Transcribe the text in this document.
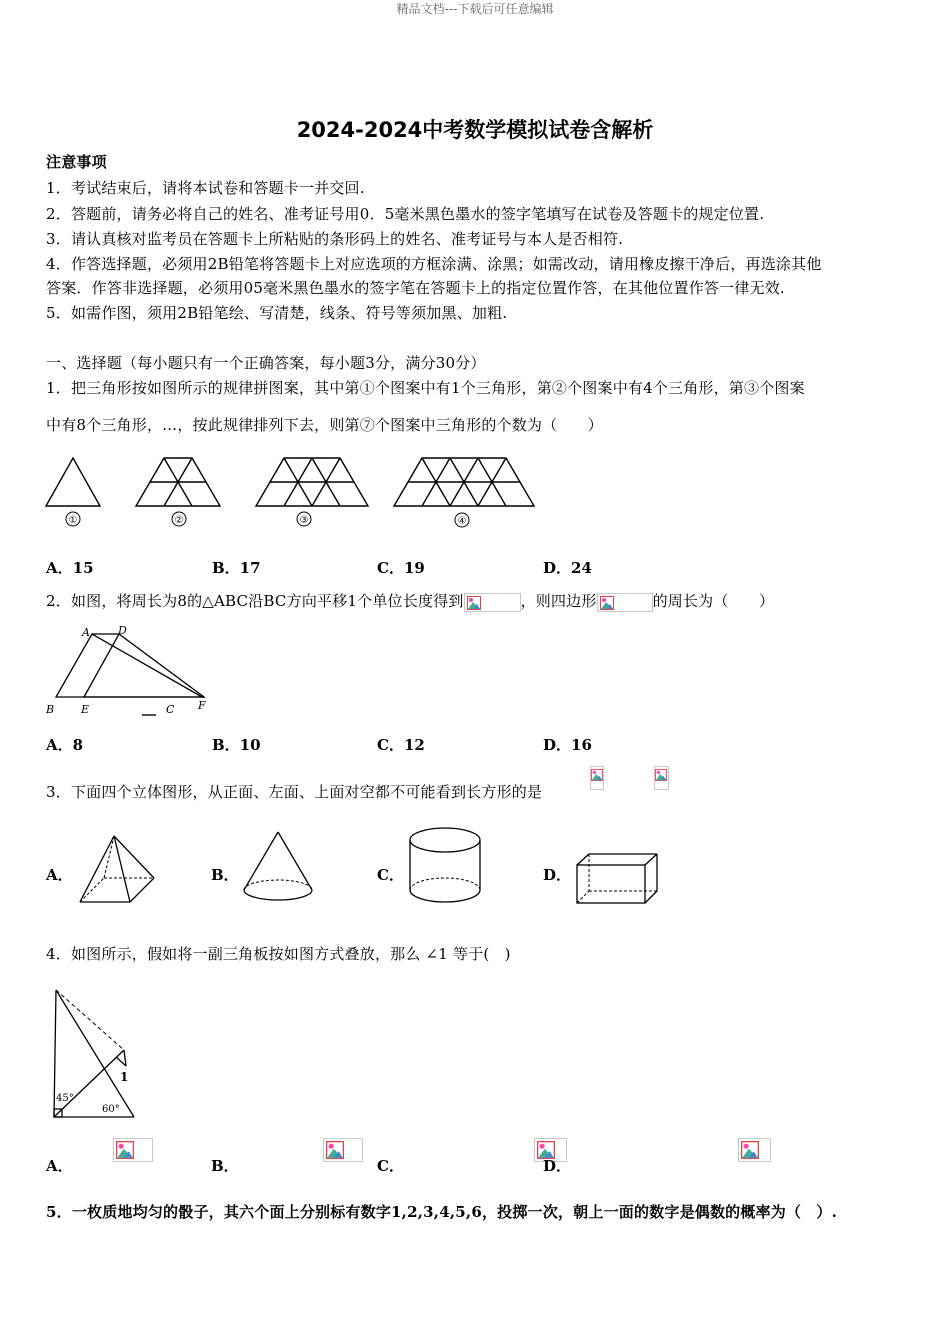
精品文档---下载后可任意编辑
2024-2024中考数学模拟试卷含解析
注意事项
1．考试结束后，请将本试卷和答题卡一并交回.
2．答题前，请务必将自己的姓名、准考证号用0．5毫米黑色墨水的签字笔填写在试卷及答题卡的规定位置.
3．请认真核对监考员在答题卡上所粘贴的条形码上的姓名、准考证号与本人是否相符.
4．作答选择题，必须用2B铅笔将答题卡上对应选项的方框涂满、涂黑；如需改动，请用橡皮擦干净后，再选涂其他
答案．作答非选择题，必须用05毫米黑色墨水的签字笔在答题卡上的指定位置作答，在其他位置作答一律无效.
5．如需作图，须用2B铅笔绘、写清楚，线条、符号等须加黑、加粗.
一、选择题（每小题只有一个正确答案，每小题3分，满分30分）
1．把三角形按如图所示的规律拼图案，其中第①个图案中有1个三角形，第②个图案中有4个三角形，第③个图案
中有8个三角形，…，按此规律排列下去，则第⑦个图案中三角形的个数为（　　）
①	②	③	④
A．15	B．17	C．19	D．24
2．如图，将周长为8的△ABC沿BC方向平移1个单位长度得到	，则四边形	的周长为（　　）
A	D
B E	C F
A．8	B．10	C．12	D．16
3．下面四个立体图形，从正面、左面、上面对空都不可能看到长方形的是

A．	B．	C．	D．
4．如图所示，假如将一副三角板按如图方式叠放，那么 ∠1 等于(　)
1
45°
60°
A．
	B．
	C．
	D．
5．一枚质地均匀的骰子，其六个面上分别标有数字1,2,3,4,5,6，投掷一次，朝上一面的数字是偶数的概率为（　）.
